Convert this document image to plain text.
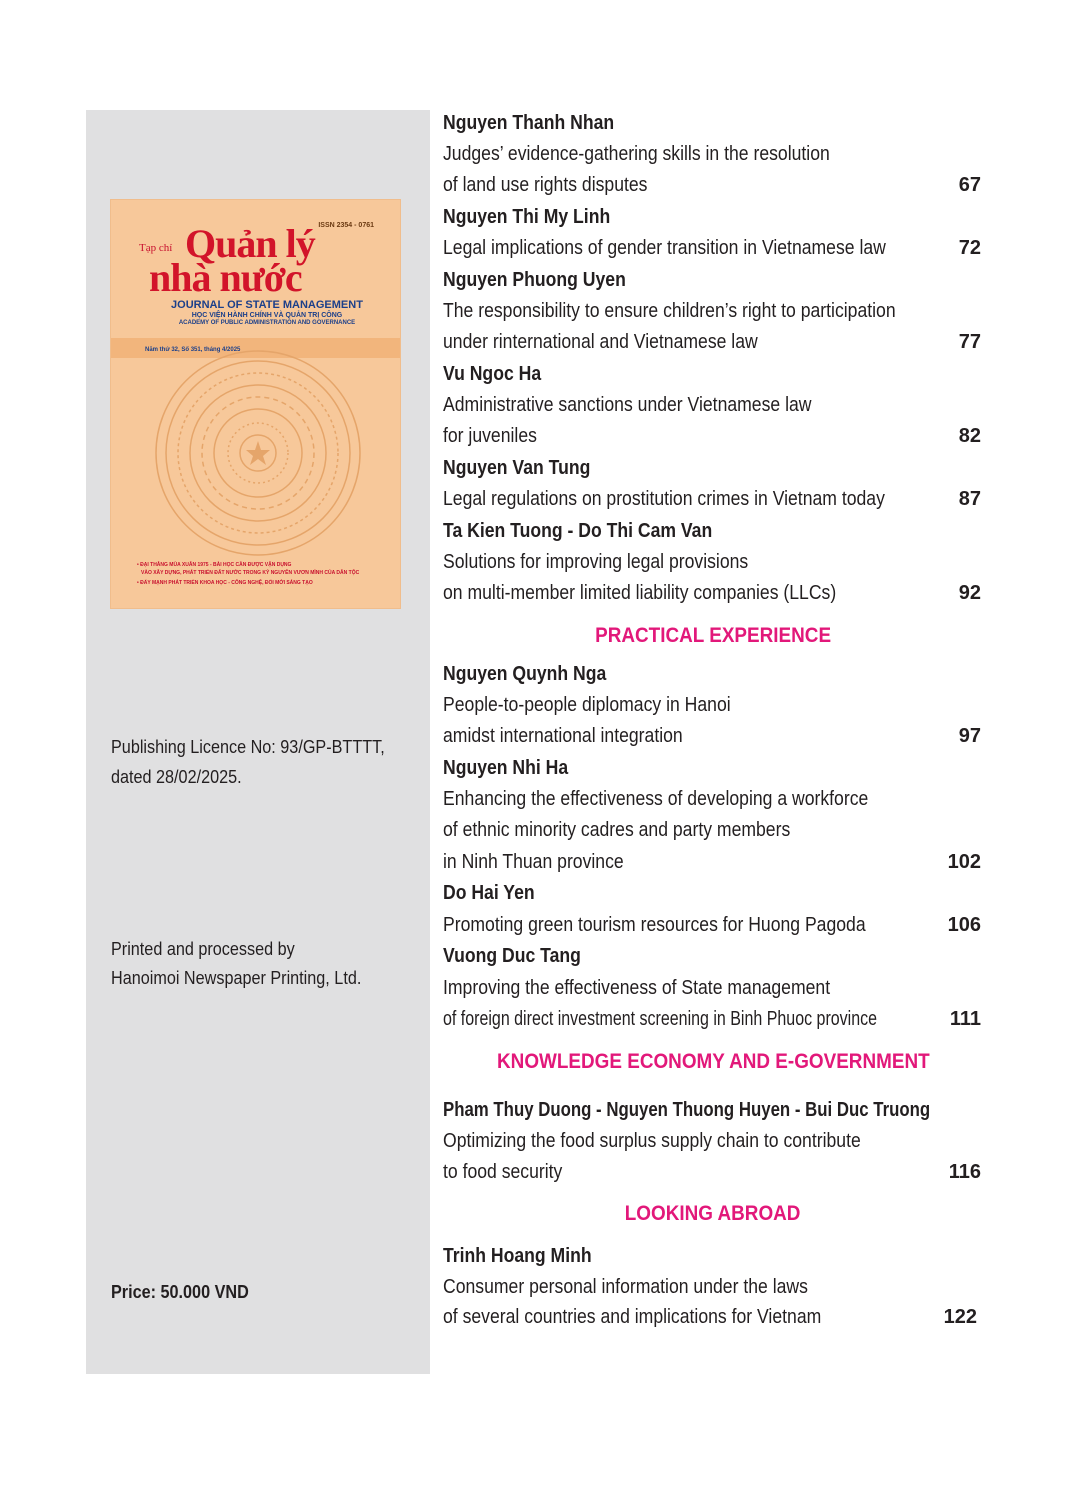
ISSN 2354 - 0761
Tạp chí Quản lý
nhà nước
JOURNAL OF STATE MANAGEMENT
HỌC VIỆN HÀNH CHÍNH VÀ QUẢN TRỊ CÔNG
ACADEMY OF PUBLIC ADMINISTRATION AND GOVERNANCE
Năm thứ 32, Số 351, tháng 4/2025
• ĐẠI THẮNG MÙA XUÂN 1975 - BÀI HỌC CẦN ĐƯỢC VẬN DỤNG
VÀO XÂY DỰNG, PHÁT TRIỂN ĐẤT NƯỚC TRONG KỶ NGUYÊN VƯƠN MÌNH CỦA DÂN TỘC
• ĐẨY MẠNH PHÁT TRIỂN KHOA HỌC - CÔNG NGHỆ, ĐỔI MỚI SÁNG TẠO
Publishing Licence No: 93/GP-BTTTT,
dated 28/02/2025.
Printed and processed by
Hanoimoi Newspaper Printing, Ltd.
Price: 50.000 VND
Nguyen Thanh Nhan
Judges’ evidence-gathering skills in the resolution
of land use rights disputes	67
Nguyen Thi My Linh
Legal implications of gender transition in Vietnamese law	72
Nguyen Phuong Uyen
The responsibility to ensure children’s right to participation
under rinternational and Vietnamese law	77
Vu Ngoc Ha
Administrative sanctions under Vietnamese law
for juveniles	82
Nguyen Van Tung
Legal regulations on prostitution crimes in Vietnam today	87
Ta Kien Tuong - Do Thi Cam Van
Solutions for improving legal provisions
on multi-member limited liability companies (LLCs)	92
PRACTICAL EXPERIENCE
Nguyen Quynh Nga
People-to-people diplomacy in Hanoi
amidst international integration	97
Nguyen Nhi Ha
Enhancing the effectiveness of developing a workforce
of ethnic minority cadres and party members
in Ninh Thuan province	102
Do Hai Yen
Promoting green tourism resources for Huong Pagoda	106
Vuong Duc Tang
Improving the effectiveness of State management
of foreign direct investment screening in Binh Phuoc province	111
KNOWLEDGE ECONOMY AND E-GOVERNMENT
Pham Thuy Duong - Nguyen Thuong Huyen - Bui Duc Truong
Optimizing the food surplus supply chain to contribute
to food security	116
LOOKING ABROAD
Trinh Hoang Minh
Consumer personal information under the laws
of several countries and implications for Vietnam	122
